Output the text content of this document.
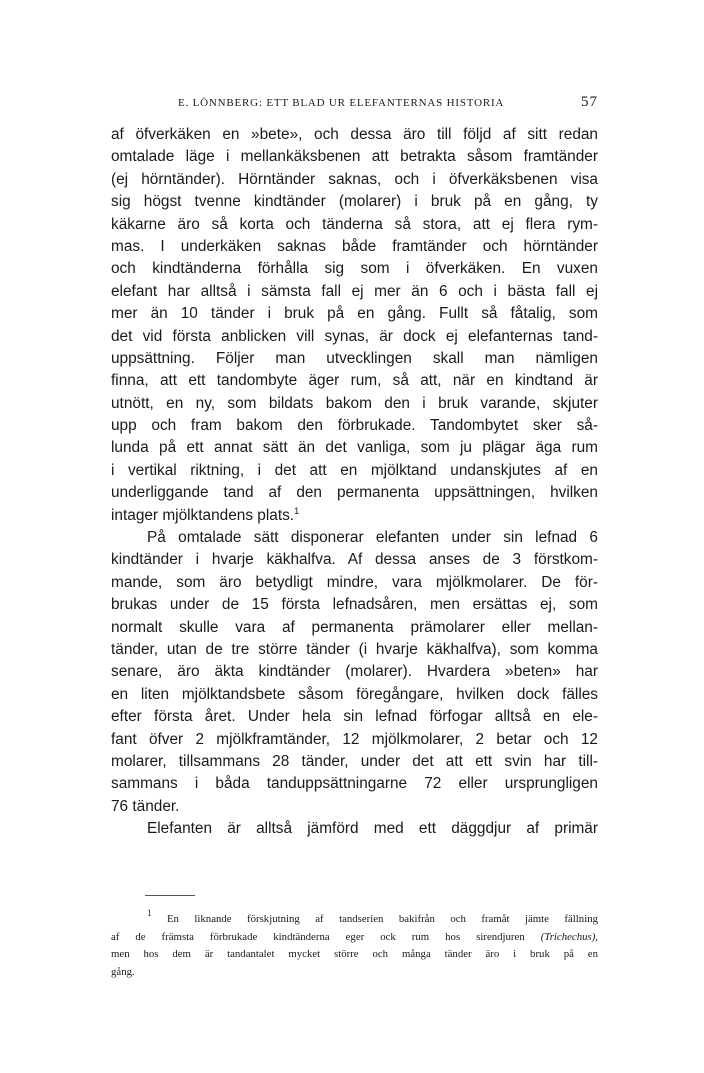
E. LÖNNBERG: ETT BLAD UR ELEFANTERNAS HISTORIA	57
af öfverkäken en »bete», och dessa äro till följd af sitt redan
omtalade läge i mellankäksbenen att betrakta såsom framtänder
(ej hörntänder). Hörntänder saknas, och i öfverkäksbenen visa
sig högst tvenne kindtänder (molarer) i bruk på en gång, ty
käkarne äro så korta och tänderna så stora, att ej flera rym-
mas. I underkäken saknas både framtänder och hörntänder
och kindtänderna förhålla sig som i öfverkäken. En vuxen
elefant har alltså i sämsta fall ej mer än 6 och i bästa fall ej
mer än 10 tänder i bruk på en gång. Fullt så fåtalig, som
det vid första anblicken vill synas, är dock ej elefanternas tand-
uppsättning. Följer man utvecklingen skall man nämligen
finna, att ett tandombyte äger rum, så att, när en kindtand är
utnött, en ny, som bildats bakom den i bruk varande, skjuter
upp och fram bakom den förbrukade. Tandombytet sker så-
lunda på ett annat sätt än det vanliga, som ju plägar äga rum
i vertikal riktning, i det att en mjölktand undanskjutes af en
underliggande tand af den permanenta uppsättningen, hvilken
intager mjölktandens plats.$^1$
På omtalade sätt disponerar elefanten under sin lefnad 6
kindtänder i hvarje käkhalfva. Af dessa anses de 3 förstkom-
mande, som äro betydligt mindre, vara mjölkmolarer. De för-
brukas under de 15 första lefnadsåren, men ersättas ej, som
normalt skulle vara af permanenta prämolarer eller mellan-
tänder, utan de tre större tänder (i hvarje käkhalfva), som komma
senare, äro äkta kindtänder (molarer). Hvardera »beten» har
en liten mjölktandsbete såsom föregångare, hvilken dock fälles
efter första året. Under hela sin lefnad förfogar alltså en ele-
fant öfver 2 mjölkframtänder, 12 mjölkmolarer, 2 betar och 12
molarer, tillsammans 28 tänder, under det att ett svin har till-
sammans i båda tanduppsättningarne 72 eller ursprungligen
76 tänder.
Elefanten är alltså jämförd med ett däggdjur af primär
$^1$ En liknande förskjutning af tandserien bakifrån och framåt jämte fällning
af de främsta förbrukade kindtänderna eger ock rum hos sirendjuren (Trichechus),
men hos dem är tandantalet mycket större och många tänder äro i bruk på en
gång.
